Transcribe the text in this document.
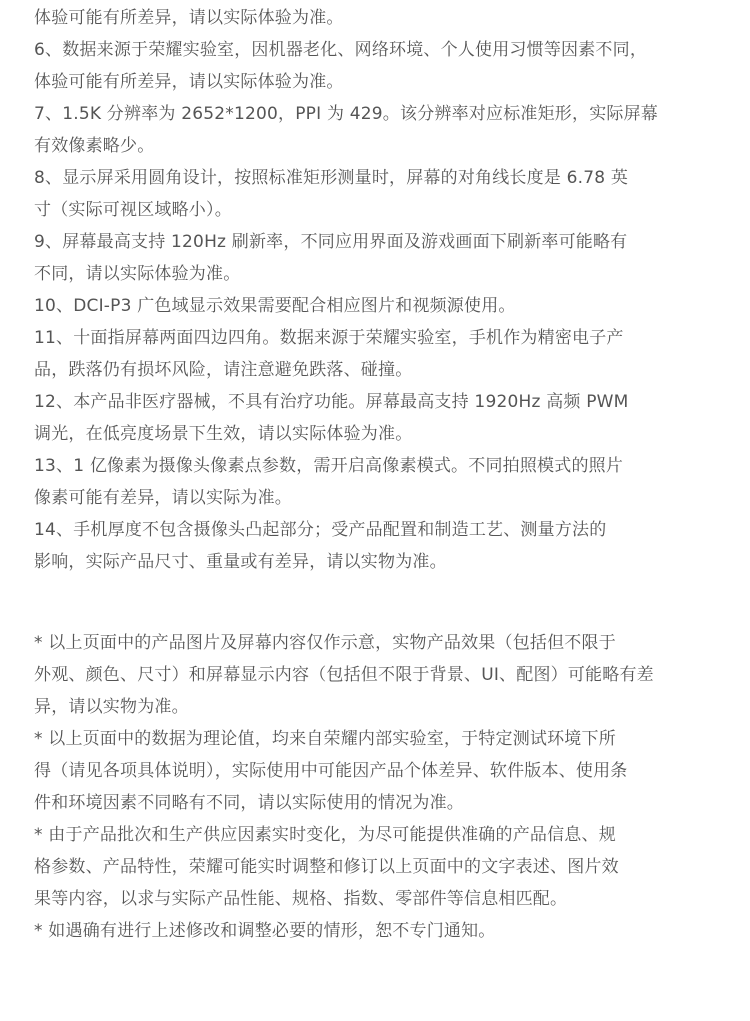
体验可能有所差异，请以实际体验为准。
6、数据来源于荣耀实验室，因机器老化、网络环境、个人使用习惯等因素不同，
体验可能有所差异，请以实际体验为准。
7、1.5K 分辨率为 2652*1200，PPI 为 429。该分辨率对应标准矩形，实际屏幕
有效像素略少。
8、显示屏采用圆角设计，按照标准矩形测量时，屏幕的对角线长度是 6.78 英
寸（实际可视区域略小）。
9、屏幕最高支持 120Hz 刷新率，不同应用界面及游戏画面下刷新率可能略有
不同，请以实际体验为准。
10、DCI-P3 广色域显示效果需要配合相应图片和视频源使用。
11、十面指屏幕两面四边四角。数据来源于荣耀实验室，手机作为精密电子产
品，跌落仍有损坏风险，请注意避免跌落、碰撞。
12、本产品非医疗器械，不具有治疗功能。屏幕最高支持 1920Hz 高频 PWM
调光，在低亮度场景下生效，请以实际体验为准。
13、1 亿像素为摄像头像素点参数，需开启高像素模式。不同拍照模式的照片
像素可能有差异，请以实际为准。
14、手机厚度不包含摄像头凸起部分；受产品配置和制造工艺、测量方法的
影响，实际产品尺寸、重量或有差异，请以实物为准。
* 以上页面中的产品图片及屏幕内容仅作示意，实物产品效果（包括但不限于
外观、颜色、尺寸）和屏幕显示内容（包括但不限于背景、UI、配图）可能略有差
异，请以实物为准。
* 以上页面中的数据为理论值，均来自荣耀内部实验室，于特定测试环境下所
得（请见各项具体说明），实际使用中可能因产品个体差异、软件版本、使用条
件和环境因素不同略有不同，请以实际使用的情况为准。
* 由于产品批次和生产供应因素实时变化，为尽可能提供准确的产品信息、规
格参数、产品特性，荣耀可能实时调整和修订以上页面中的文字表述、图片效
果等内容，以求与实际产品性能、规格、指数、零部件等信息相匹配。
* 如遇确有进行上述修改和调整必要的情形，恕不专门通知。
